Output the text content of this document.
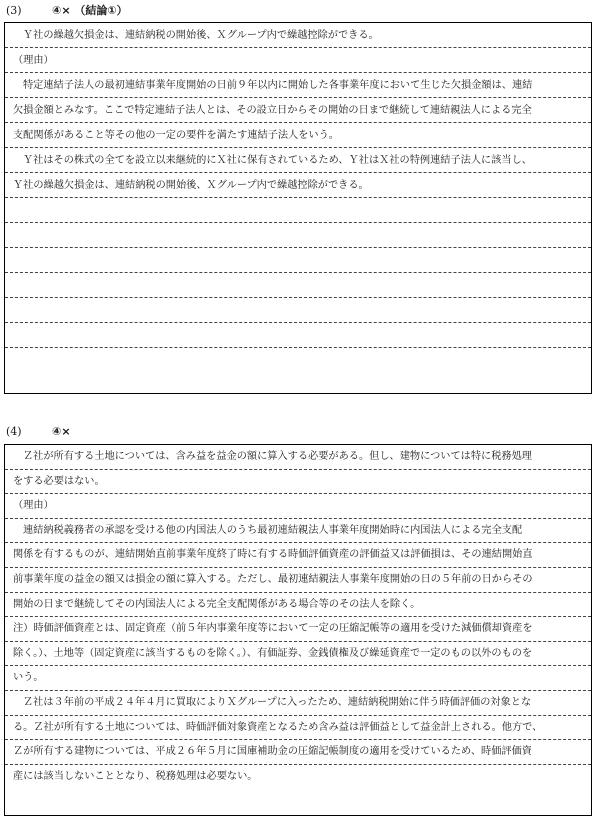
(3)	④× （結論①）
Ｙ社の繰越欠損金は、連結納税の開始後、Ｘグループ内で繰越控除ができる。
（理由）
特定連結子法人の最初連結事業年度開始の日前９年以内に開始した各事業年度において生じた欠損金額は、連結
欠損金額とみなす。ここで特定連結子法人とは、その設立日からその開始の日まで継続して連結親法人による完全
支配関係があること等その他の一定の要件を満たす連結子法人をいう。
Ｙ社はその株式の全てを設立以来継続的にＸ社に保有されているため、Ｙ社はＸ社の特例連結子法人に該当し、
Ｙ社の繰越欠損金は、連結納税の開始後、Ｘグループ内で繰越控除ができる。
(4)	④×
Ｚ社が所有する土地については、含み益を益金の額に算入する必要がある。但し、建物については特に税務処理
をする必要はない。
（理由）
連結納税義務者の承認を受ける他の内国法人のうち最初連結親法人事業年度開始時に内国法人による完全支配
関係を有するものが、連結開始直前事業年度終了時に有する時価評価資産の評価益又は評価損は、その連結開始直
前事業年度の益金の額又は損金の額に算入する。ただし、最初連結親法人事業年度開始の日の５年前の日からその
開始の日まで継続してその内国法人による完全支配関係がある場合等のその法人を除く。
注）時価評価資産とは、固定資産（前５年内事業年度等において一定の圧縮記帳等の適用を受けた減価償却資産を
除く。）、土地等（固定資産に該当するものを除く。）、有価証券、金銭債権及び繰延資産で一定のもの以外のものを
いう。
Ｚ社は３年前の平成２４年４月に買取によりＸグループに入ったため、連結納税開始に伴う時価評価の対象とな
る。Ｚ社が所有する土地については、時価評価対象資産となるため含み益は評価益として益金計上される。他方で、
Ｚが所有する建物については、平成２６年５月に国庫補助金の圧縮記帳制度の適用を受けているため、時価評価資
産には該当しないこととなり、税務処理は必要ない。
